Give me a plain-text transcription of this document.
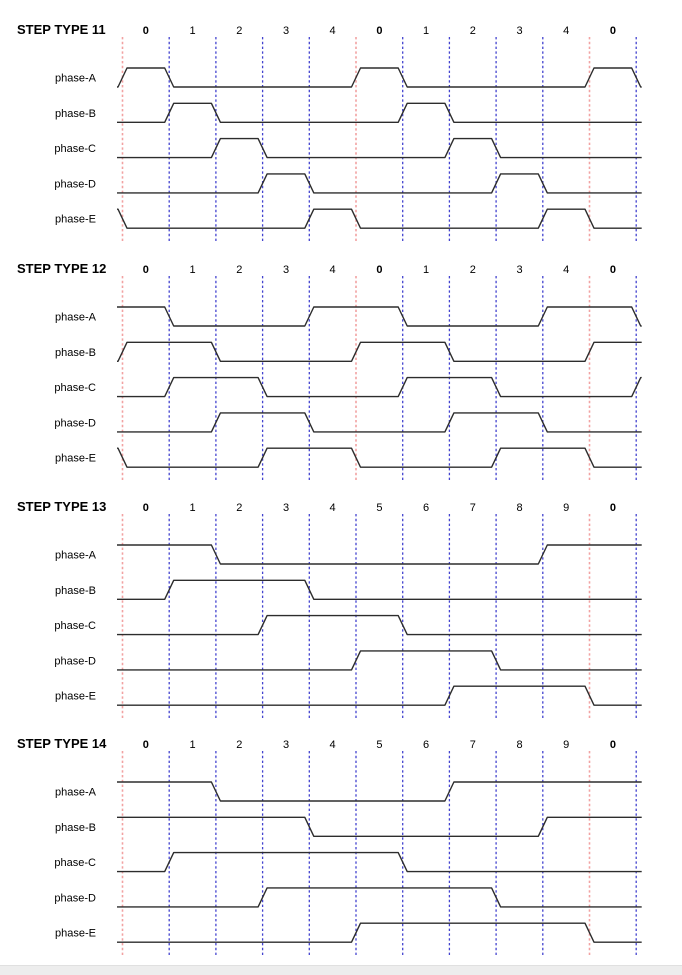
STEP TYPE 11	0	1	2	3	4	0	1	2	3	4	0
phase-A
phase-B
phase-C
phase-D
phase-E
STEP TYPE 12	0	1	2	3	4	0	1	2	3	4	0
phase-A
phase-B
phase-C
phase-D
phase-E
STEP TYPE 13	0	1	2	3	4	5	6	7	8	9	0
phase-A
phase-B
phase-C
phase-D
phase-E
STEP TYPE 14	0	1	2	3	4	5	6	7	8	9	0
phase-A
phase-B
phase-C
phase-D
phase-E
